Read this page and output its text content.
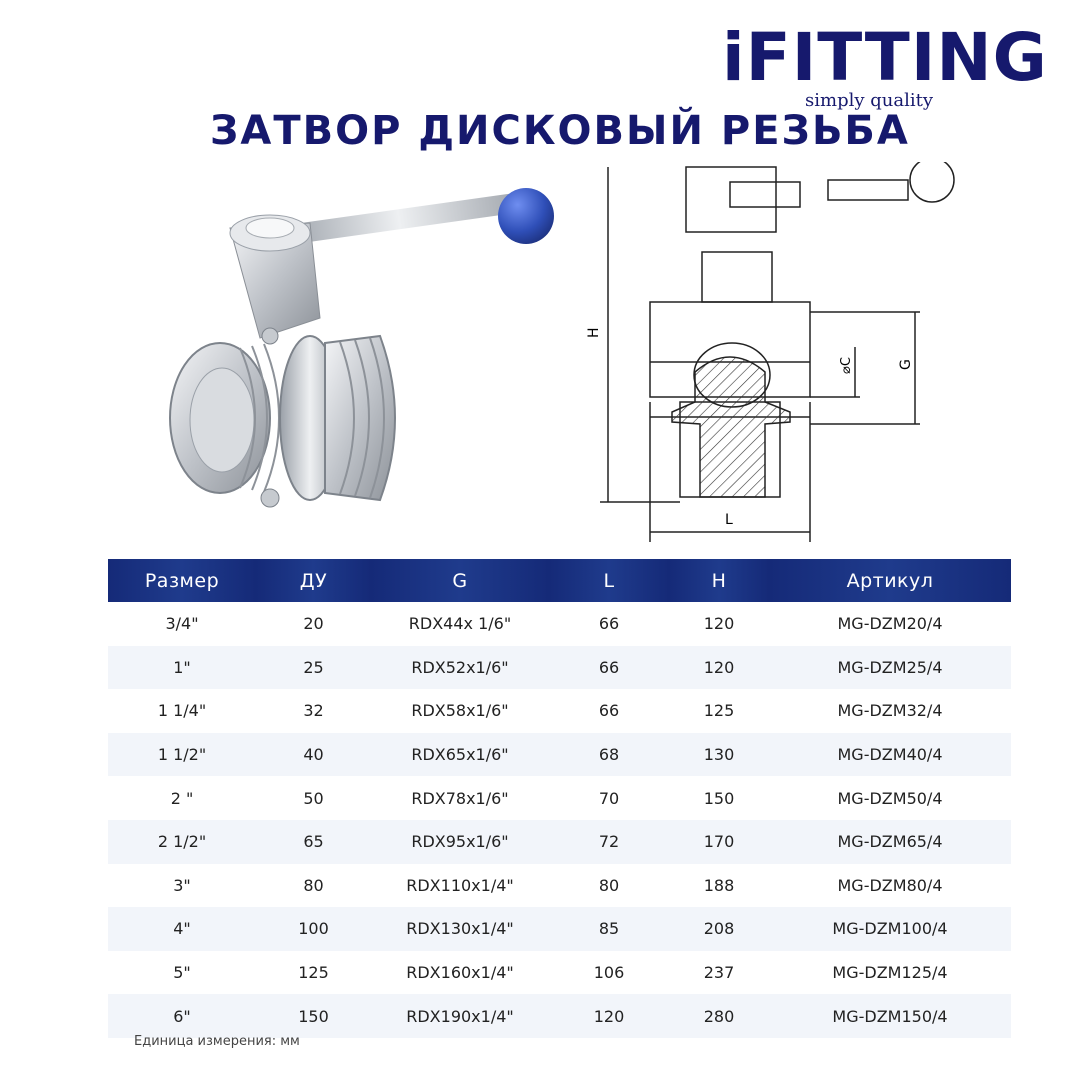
iFITTING
simply quality
ЗАТВОР ДИСКОВЫЙ РЕЗЬБА
H
⌀C	G
L
Размер	ДУ	G	L	H	Артикул
3/4"	20	RDX44x 1/6"	66	120	MG-DZM20/4
1"	25	RDX52x1/6"	66	120	MG-DZM25/4
1 1/4"	32	RDX58x1/6"	66	125	MG-DZM32/4
1 1/2"	40	RDX65x1/6"	68	130	MG-DZM40/4
2 "	50	RDX78x1/6"	70	150	MG-DZM50/4
2 1/2"	65	RDX95x1/6"	72	170	MG-DZM65/4
3"	80	RDX110x1/4"	80	188	MG-DZM80/4
4"	100	RDX130x1/4"	85	208	MG-DZM100/4
5"	125	RDX160x1/4"	106	237	MG-DZM125/4
6"	150	RDX190x1/4"	120	280	MG-DZM150/4
Единица измерения: мм
